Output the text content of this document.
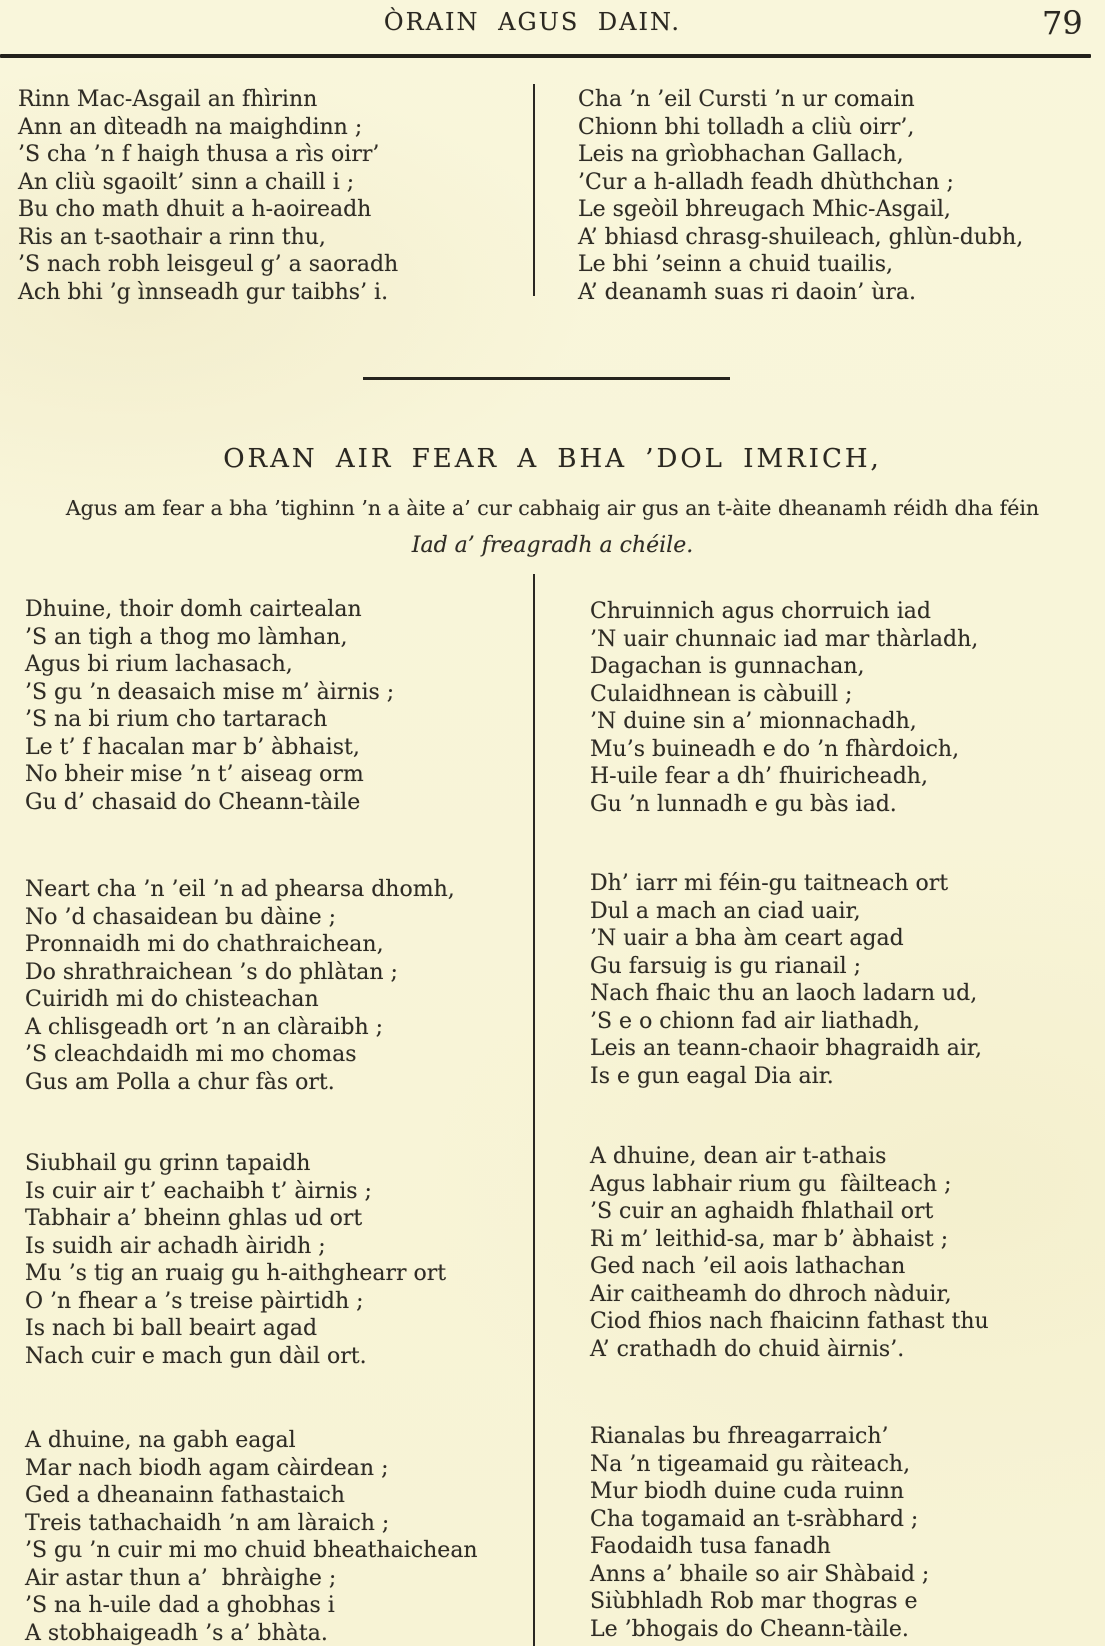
ÒRAIN AGUS DAIN.	79
Rinn Mac-Asgail an fhìrinn
Ann an dìteadh na maighdinn ;
’S cha ’n f haigh thusa a rìs oirr’
An cliù sgaoilt’ sinn a chaill i ;
Bu cho math dhuit a h-aoireadh
Ris an t-saothair a rinn thu,
’S nach robh leisgeul g’ a saoradh
Ach bhi ’g ìnnseadh gur taibhs’ i.
Cha ’n ’eil Cursti ’n ur comain
Chionn bhi tolladh a cliù oirr’,
Leis na grìobhachan Gallach,
’Cur a h-alladh feadh dhùthchan ;
Le sgeòil bhreugach Mhic-Asgail,
A’ bhiasd chrasg-shuileach, ghlùn-dubh,
Le bhi ’seinn a chuid tuailis,
A’ deanamh suas ri daoin’ ùra.
ORAN AIR FEAR A BHA ’DOL IMRICH,

Agus am fear a bha ’tighinn ’n a àite a’ cur cabhaig air gus an t-àite dheanamh réidh dha féin

Iad a’ freagradh a chéile.

Dhuine, thoir domh cairtealan
’S an tigh a thog mo làmhan,
Agus bi rium lachasach,
’S gu ’n deasaich mise m’ àirnis ;
’S na bi rium cho tartarach
Le t’ f hacalan mar b’ àbhaist,
No bheir mise ’n t’ aiseag orm
Gu d’ chasaid do Cheann-tàile
Neart cha ’n ’eil ’n ad phearsa dhomh,
No ’d chasaidean bu dàine ;
Pronnaidh mi do chathraichean,
Do shrathraichean ’s do phlàtan ;
Cuiridh mi do chisteachan
A chlisgeadh ort ’n an clàraibh ;
’S cleachdaidh mi mo chomas
Gus am Polla a chur fàs ort.
Siubhail gu grinn tapaidh
Is cuir air t’ eachaibh t’ àirnis ;
Tabhair a’ bheinn ghlas ud ort
Is suidh air achadh àiridh ;
Mu ’s tig an ruaig gu h-aithghearr ort
O ’n fhear a ’s treise pàirtidh ;
Is nach bi ball beairt agad
Nach cuir e mach gun dàil ort.
A dhuine, na gabh eagal
Mar nach biodh agam càirdean ;
Ged a dheanainn fathastaich
Treis tathachaidh ’n am làraich ;
’S gu ’n cuir mi mo chuid bheathaichean
Air astar thun a’  bhràighe ;
’S na h-uile dad a ghobhas i
A stobhaigeadh ’s a’ bhàta.
Chruinnich agus chorruich iad
’N uair chunnaic iad mar thàrladh,
Dagachan is gunnachan,
Culaidhnean is càbuill ;
’N duine sin a’ mionnachadh,
Mu’s buineadh e do ’n fhàrdoich,
H-uile fear a dh’ fhuiricheadh,
Gu ’n lunnadh e gu bàs iad.
Dh’ iarr mi féin-gu taitneach ort
Dul a mach an ciad uair,
’N uair a bha àm ceart agad
Gu farsuig is gu rianail ;
Nach fhaic thu an laoch ladarn ud,
’S e o chionn fad air liathadh,
Leis an teann-chaoir bhagraidh air,
Is e gun eagal Dia air.
A dhuine, dean air t-athais
Agus labhair rium gu  fàilteach ;
’S cuir an aghaidh fhlathail ort
Ri m’ leithid-sa, mar b’ àbhaist ;
Ged nach ’eil aois lathachan
Air caitheamh do dhroch nàduir,
Ciod fhios nach fhaicinn fathast thu
A’ crathadh do chuid àirnis’.
Rianalas bu fhreagarraich’
Na ’n tigeamaid gu ràiteach,
Mur biodh duine cuda ruinn
Cha togamaid an t-sràbhard ;
Faodaidh tusa fanadh
Anns a’ bhaile so air Shàbaid ;
Siùbhladh Rob mar thogras e
Le ’bhogais do Cheann-tàile.
